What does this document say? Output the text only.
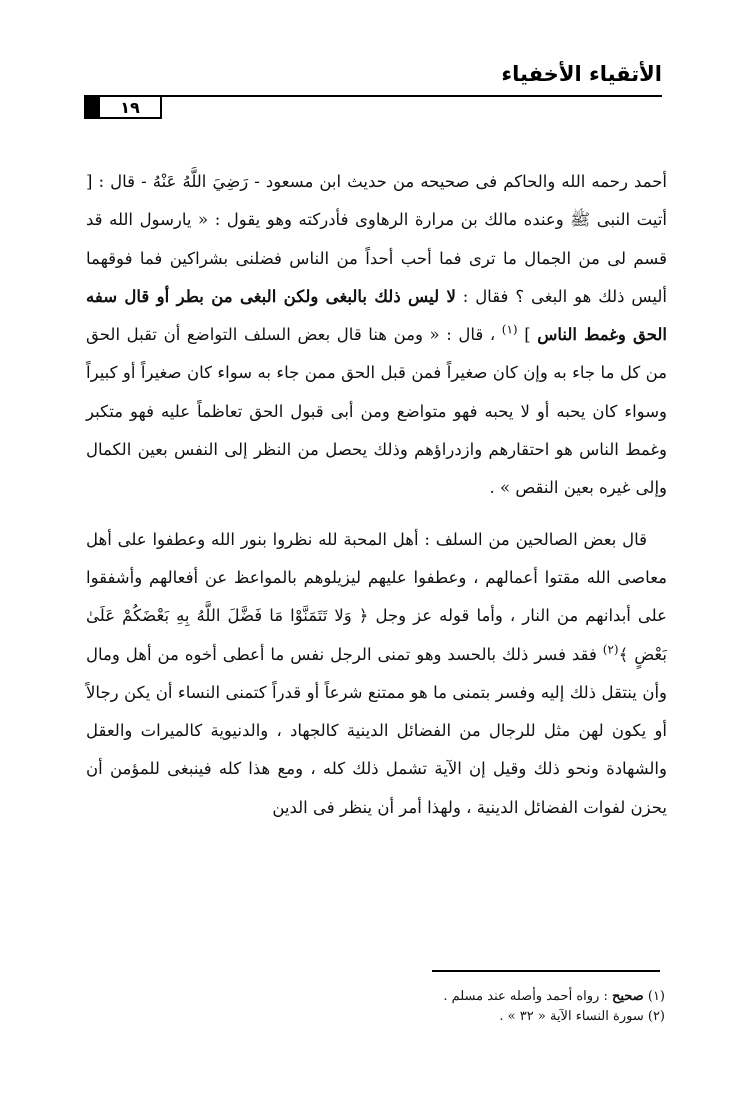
الأتقياء الأخفياء
١٩

أحمد رحمه الله والحاكم فى صحيحه من حديث ابن مسعود - رَضِيَ اللَّهُ عَنْهُ - قال : [ أتيت النبى ﷺ وعنده مالك بن مرارة الرهاوى فأدركته وهو يقول : « يارسول الله قد قسم لى من الجمال ما ترى فما أحب أحداً من الناس فضلنى بشراكين فما فوقهما أليس ذلك هو البغى ؟ فقال : لا ليس ذلك بالبغى ولكن البغى من بطر أو قال سفه الحق وغمط الناس ] $^{(١)}$ ، قال : « ومن هنا قال بعض السلف التواضع أن تقبل الحق من كل ما جاء به وإن كان صغيراً فمن قبل الحق ممن جاء به سواء كان صغيراً أو كبيراً وسواء كان يحبه أو لا يحبه فهو متواضع ومن أبى قبول الحق تعاظماً عليه فهو متكبر وغمط الناس هو احتقارهم وازدراؤهم وذلك يحصل من النظر إلى النفس بعين الكمال وإلى غيره بعين النقص » .

قال بعض الصالحين من السلف : أهل المحبة لله نظروا بنور الله وعطفوا على أهل معاصى الله مقتوا أعمالهم ، وعطفوا عليهم ليزيلوهم بالمواعظ عن أفعالهم وأشفقوا على أبدانهم من النار ، وأما قوله عز وجل ﴿ وَلا تَتَمَنَّوْا مَا فَضَّلَ اللَّهُ بِهِ بَعْضَكُمْ عَلَىٰ بَعْضٍ ﴾$^{(٢)}$ فقد فسر ذلك بالحسد وهو تمنى الرجل نفس ما أعطى أخوه من أهل ومال وأن ينتقل ذلك إليه وفسر بتمنى ما هو ممتنع شرعاً أو قدراً كتمنى النساء أن يكن رجالاً أو يكون لهن مثل للرجال من الفضائل الدينية كالجهاد ، والدنيوية كالميرات والعقل والشهادة ونحو ذلك وقيل إن الآية تشمل ذلك كله ، ومع هذا كله فينبغى للمؤمن أن يحزن لفوات الفضائل الدينية ، ولهذا أمر أن ينظر فى الدين

(١) صحيح : رواه أحمد وأصله عند مسلم .
(٢) سورة النساء الآية « ٣٢ » .
